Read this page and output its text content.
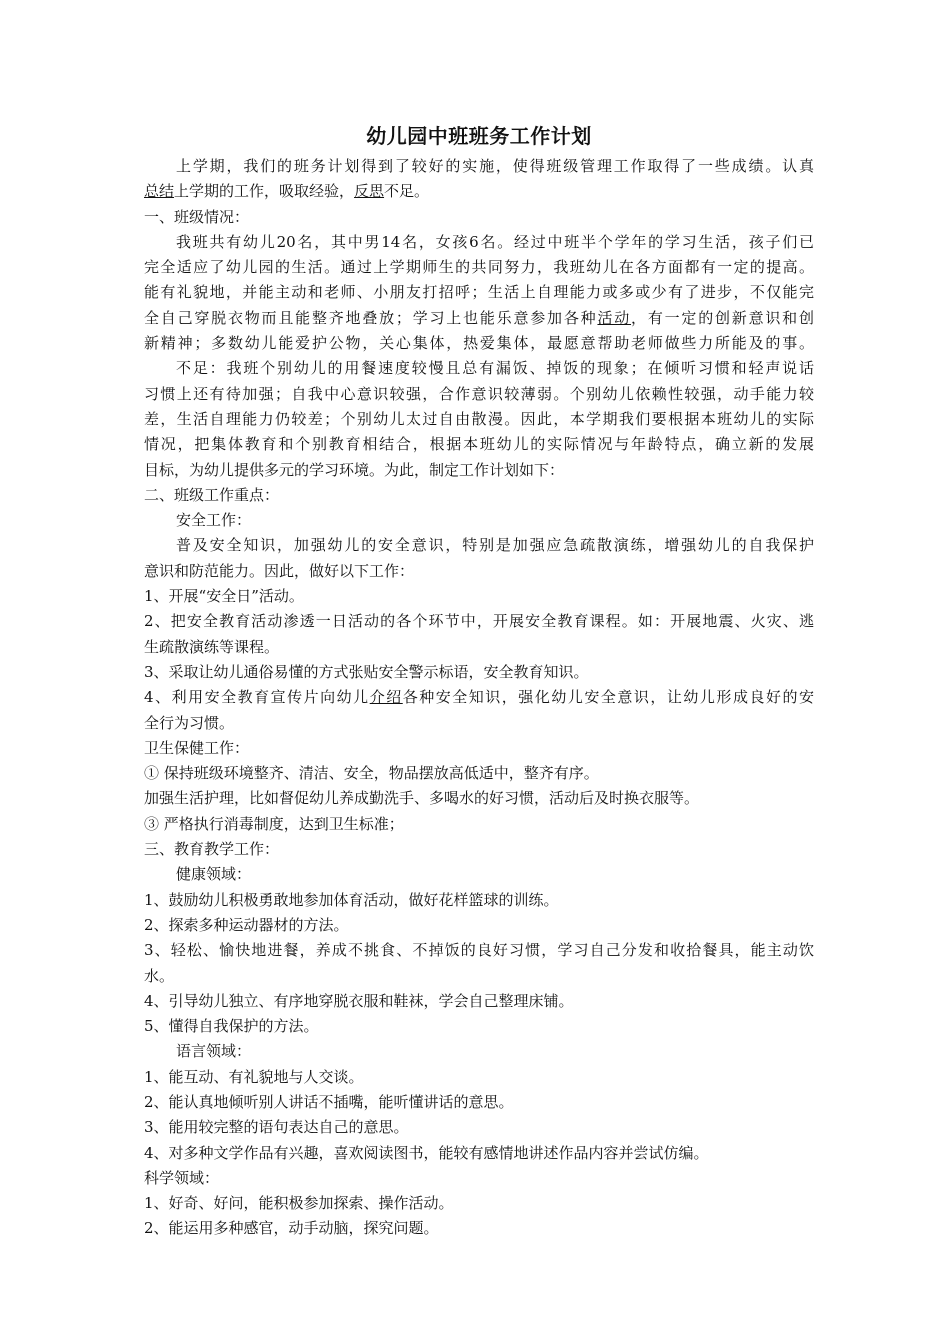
幼儿园中班班务工作计划

上学期，我们的班务计划得到了较好的实施，使得班级管理工作取得了一些成绩。认真

总结上学期的工作，吸取经验，反思不足。

一、班级情况：

我班共有幼儿20名，其中男14名，女孩6名。经过中班半个学年的学习生活，孩子们已

完全适应了幼儿园的生活。通过上学期师生的共同努力，我班幼儿在各方面都有一定的提高。

能有礼貌地，并能主动和老师、小朋友打招呼；生活上自理能力或多或少有了进步，不仅能完

全自己穿脱衣物而且能整齐地叠放；学习上也能乐意参加各种活动，有一定的创新意识和创

新精神；多数幼儿能爱护公物，关心集体，热爱集体，最愿意帮助老师做些力所能及的事。

不足：我班个别幼儿的用餐速度较慢且总有漏饭、掉饭的现象；在倾听习惯和轻声说话

习惯上还有待加强；自我中心意识较强，合作意识较薄弱。个别幼儿依赖性较强，动手能力较

差，生活自理能力仍较差；个别幼儿太过自由散漫。因此，本学期我们要根据本班幼儿的实际

情况，把集体教育和个别教育相结合，根据本班幼儿的实际情况与年龄特点，确立新的发展

目标，为幼儿提供多元的学习环境。为此，制定工作计划如下：

二、班级工作重点：

安全工作：

普及安全知识，加强幼儿的安全意识，特别是加强应急疏散演练，增强幼儿的自我保护

意识和防范能力。因此，做好以下工作：

1、开展“安全日”活动。

2、把安全教育活动渗透一日活动的各个环节中，开展安全教育课程。如：开展地震、火灾、逃

生疏散演练等课程。

3、采取让幼儿通俗易懂的方式张贴安全警示标语，安全教育知识。

4、利用安全教育宣传片向幼儿介绍各种安全知识，强化幼儿安全意识，让幼儿形成良好的安

全行为习惯。

卫生保健工作：

① 保持班级环境整齐、清洁、安全，物品摆放高低适中，整齐有序。

加强生活护理，比如督促幼儿养成勤洗手、多喝水的好习惯，活动后及时换衣服等。

③ 严格执行消毒制度，达到卫生标准；

三、教育教学工作：

健康领域：

1、鼓励幼儿积极勇敢地参加体育活动，做好花样篮球的训练。

2、探索多种运动器材的方法。

3、轻松、愉快地进餐，养成不挑食、不掉饭的良好习惯，学习自己分发和收拾餐具，能主动饮

水。

4、引导幼儿独立、有序地穿脱衣服和鞋袜，学会自己整理床铺。

5、懂得自我保护的方法。

语言领域：

1、能互动、有礼貌地与人交谈。

2、能认真地倾听别人讲话不插嘴，能听懂讲话的意思。

3、能用较完整的语句表达自己的意思。

4、对多种文学作品有兴趣，喜欢阅读图书，能较有感情地讲述作品内容并尝试仿编。

科学领域：

1、好奇、好问，能积极参加探索、操作活动。

2、能运用多种感官，动手动脑，探究问题。
